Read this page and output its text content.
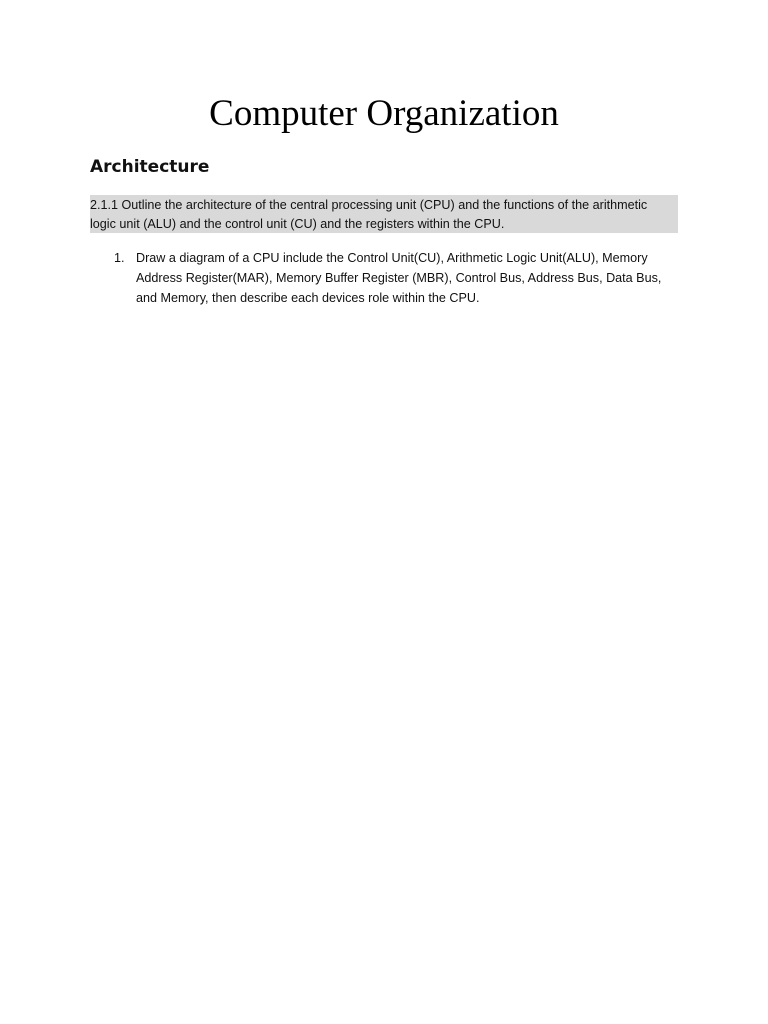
Computer Organization
Architecture
2.1.1 Outline the architecture of the central processing unit (CPU) and the functions of the arithmetic
logic unit (ALU) and the control unit (CU) and the registers within the CPU.
1. Draw a diagram of a CPU include the Control Unit(CU), Arithmetic Logic Unit(ALU), Memory
Address Register(MAR), Memory Buffer Register (MBR), Control Bus, Address Bus, Data Bus,
and Memory, then describe each devices role within the CPU.
